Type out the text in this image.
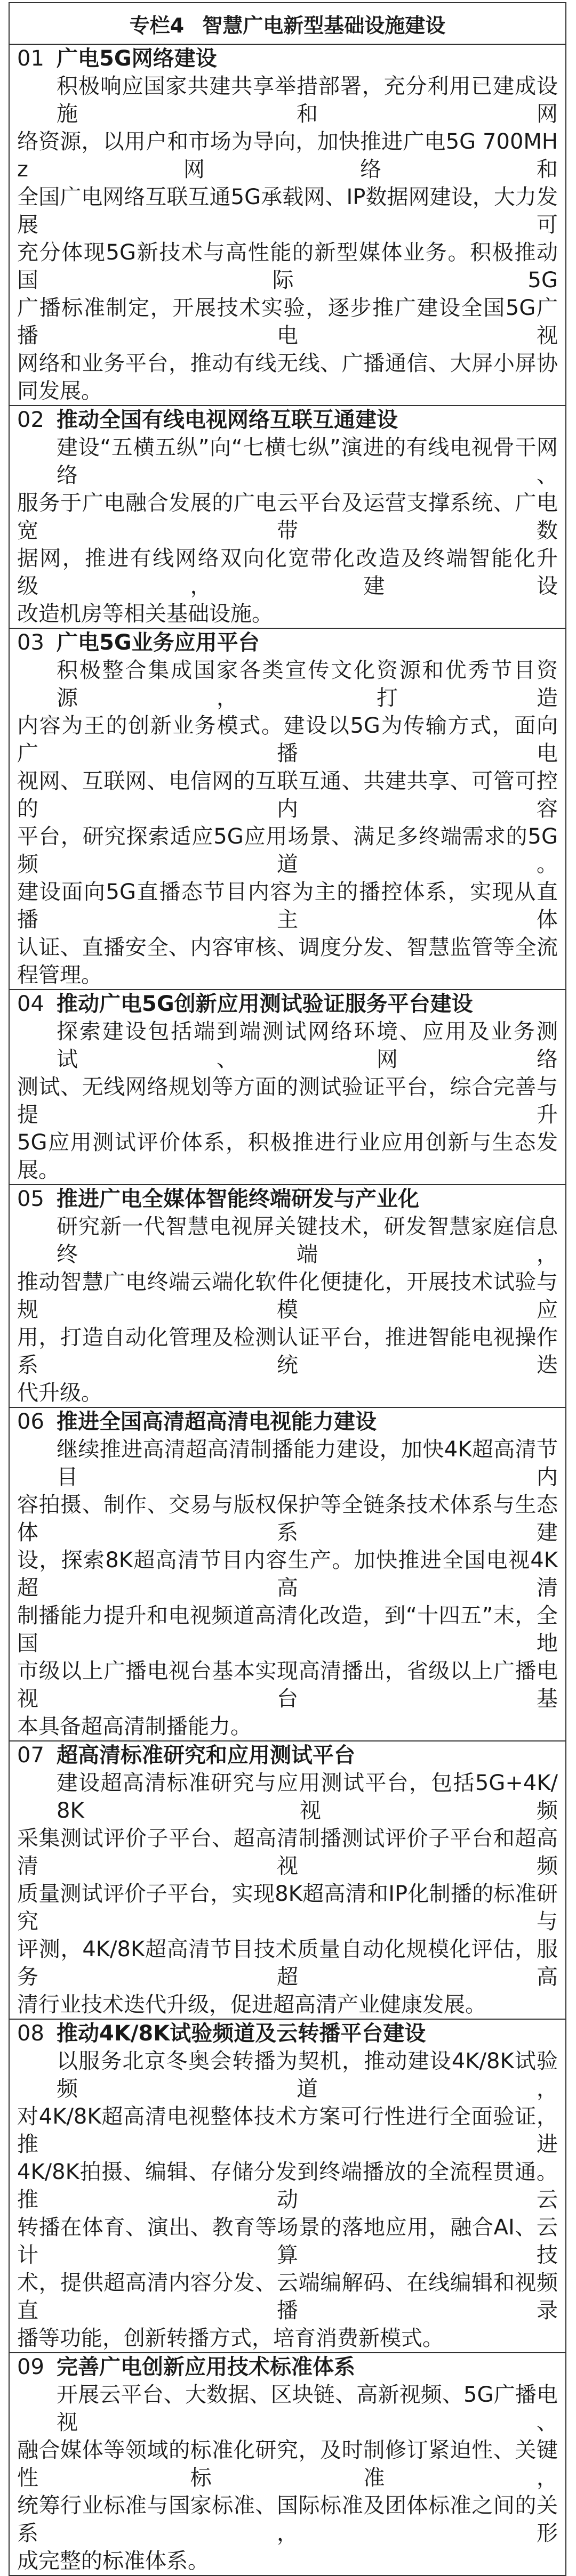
专栏4 智慧广电新型基础设施建设
01 广电5G网络建设
积极响应国家共建共享举措部署，充分利用已建成设施和网
络资源，以用户和市场为导向，加快推进广电5G 700MHz网络和
全国广电网络互联互通5G承载网、IP数据网建设，大力发展可
充分体现5G新技术与高性能的新型媒体业务。积极推动国际5G
广播标准制定，开展技术实验，逐步推广建设全国5G广播电视
网络和业务平台，推动有线无线、广播通信、大屏小屏协同发展。
02 推动全国有线电视网络互联互通建设
建设“五横五纵”向“七横七纵”演进的有线电视骨干网络、
服务于广电融合发展的广电云平台及运营支撑系统、广电宽带数
据网，推进有线网络双向化宽带化改造及终端智能化升级，建设
改造机房等相关基础设施。
03 广电5G业务应用平台
积极整合集成国家各类宣传文化资源和优秀节目资源，打造
内容为王的创新业务模式。建设以5G为传输方式，面向广播电
视网、互联网、电信网的互联互通、共建共享、可管可控的内容
平台，研究探索适应5G应用场景、满足多终端需求的5G频道。
建设面向5G直播态节目内容为主的播控体系，实现从直播主体
认证、直播安全、内容审核、调度分发、智慧监管等全流程管理。
04 推动广电5G创新应用测试验证服务平台建设
探索建设包括端到端测试网络环境、应用及业务测试、网络
测试、无线网络规划等方面的测试验证平台，综合完善与提升
5G应用测试评价体系，积极推进行业应用创新与生态发展。
05 推进广电全媒体智能终端研发与产业化
研究新一代智慧电视屏关键技术，研发智慧家庭信息终端，
推动智慧广电终端云端化软件化便捷化，开展技术试验与规模应
用，打造自动化管理及检测认证平台，推进智能电视操作系统迭
代升级。
06 推进全国高清超高清电视能力建设
继续推进高清超高清制播能力建设，加快4K超高清节目内
容拍摄、制作、交易与版权保护等全链条技术体系与生态体系建
设，探索8K超高清节目内容生产。加快推进全国电视4K超高清
制播能力提升和电视频道高清化改造，到“十四五”末，全国地
市级以上广播电视台基本实现高清播出，省级以上广播电视台基
本具备超高清制播能力。
07 超高清标准研究和应用测试平台
建设超高清标准研究与应用测试平台，包括5G+4K/8K视频
采集测试评价子平台、超高清制播测试评价子平台和超高清视频
质量测试评价子平台，实现8K超高清和IP化制播的标准研究与
评测，4K/8K超高清节目技术质量自动化规模化评估，服务超高
清行业技术迭代升级，促进超高清产业健康发展。
08 推动4K/8K试验频道及云转播平台建设
以服务北京冬奥会转播为契机，推动建设4K/8K试验频道，
对4K/8K超高清电视整体技术方案可行性进行全面验证，推进
4K/8K拍摄、编辑、存储分发到终端播放的全流程贯通。推动云
转播在体育、演出、教育等场景的落地应用，融合AI、云计算技
术，提供超高清内容分发、云端编解码、在线编辑和视频直播录
播等功能，创新转播方式，培育消费新模式。
09 完善广电创新应用技术标准体系
开展云平台、大数据、区块链、高新视频、5G广播电视、
融合媒体等领域的标准化研究，及时制修订紧迫性、关键性标准，
统筹行业标准与国家标准、国际标准及团体标准之间的关系，形
成完整的标准体系。
